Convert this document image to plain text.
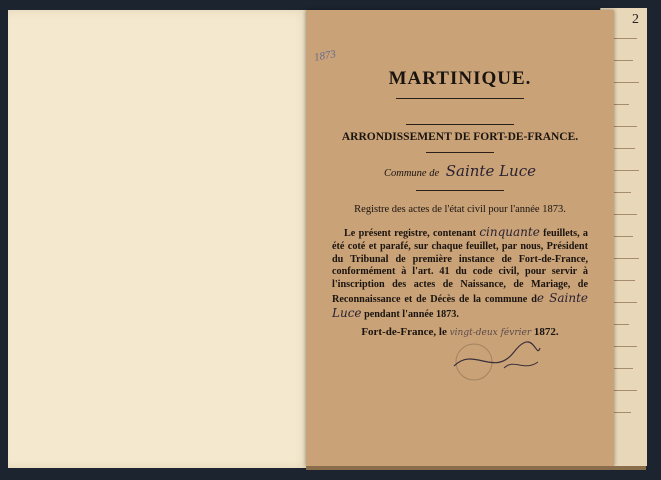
2
1873
MARTINIQUE.
ARRONDISSEMENT DE FORT-DE-FRANCE.
Commune de Sainte Luce
Registre des actes de l'état civil pour l'année 1873.
Le présent registre, contenant cinquante feuillets, a été coté et parafé, sur chaque feuillet, par nous, Président du Tribunal de première instance de Fort-de-France, conformément à l'art. 41 du code civil, pour servir à l'inscription des actes de Naissance, de Mariage, de Reconnaissance et de Décès de la commune de Sainte Luce pendant l'année 1873.
Fort-de-France, le vingt-deux février 1872.
